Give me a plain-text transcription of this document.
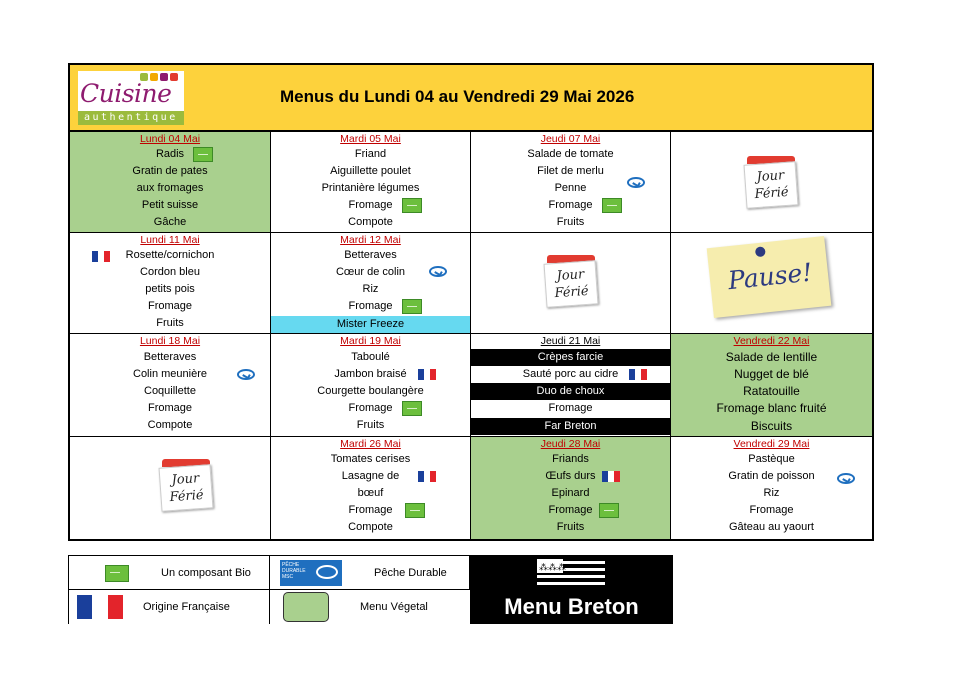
Cuisine
authentique
Menus du Lundi 04 au Vendredi 29 Mai 2026
Lundi 04 Mai
Radis
Gratin de pates
aux fromages
Petit suisse
Gâche
Mardi 05 Mai
Friand
Aiguillette poulet
Printanière légumes
Fromage
Compote
Jeudi 07 Mai
Salade de tomate
Filet de merlu
Penne
Fromage
Fruits
Jour
Férié
Lundi 11 Mai
Rosette/cornichon
Cordon bleu
petits pois
Fromage
Fruits
Mardi 12 Mai
Betteraves
Cœur de colin
Riz
Fromage
Mister Freeze
Jour
Férié
Lundi 18 Mai
Betteraves
Colin meunière
Coquillette
Fromage
Compote
Mardi 19 Mai
Taboulé
Jambon braisé
Courgette boulangère
Fromage
Fruits
Jeudi 21 Mai
Crèpes farcie
Sauté porc au cidre
Duo de choux
Fromage
Far Breton
Vendredi 22 Mai
Salade de lentille
Nugget de blé
Ratatouille
Fromage blanc fruité
Biscuits
Jour
Férié
Mardi 26 Mai
Tomates cerises
Lasagne de
bœuf
Fromage
Compote
Jeudi 28 Mai
Friands
Œufs durs
Epinard
Fromage
Fruits
Vendredi 29 Mai
Pastèque
Gratin de poisson
Riz
Fromage
Gâteau au yaourt
Pause!
Un composant Bio
PÊCHE
DURABLE
MSC	Pêche Durable
Origine Française	Menu Végetal
⁂⁂⁂
Menu Breton
